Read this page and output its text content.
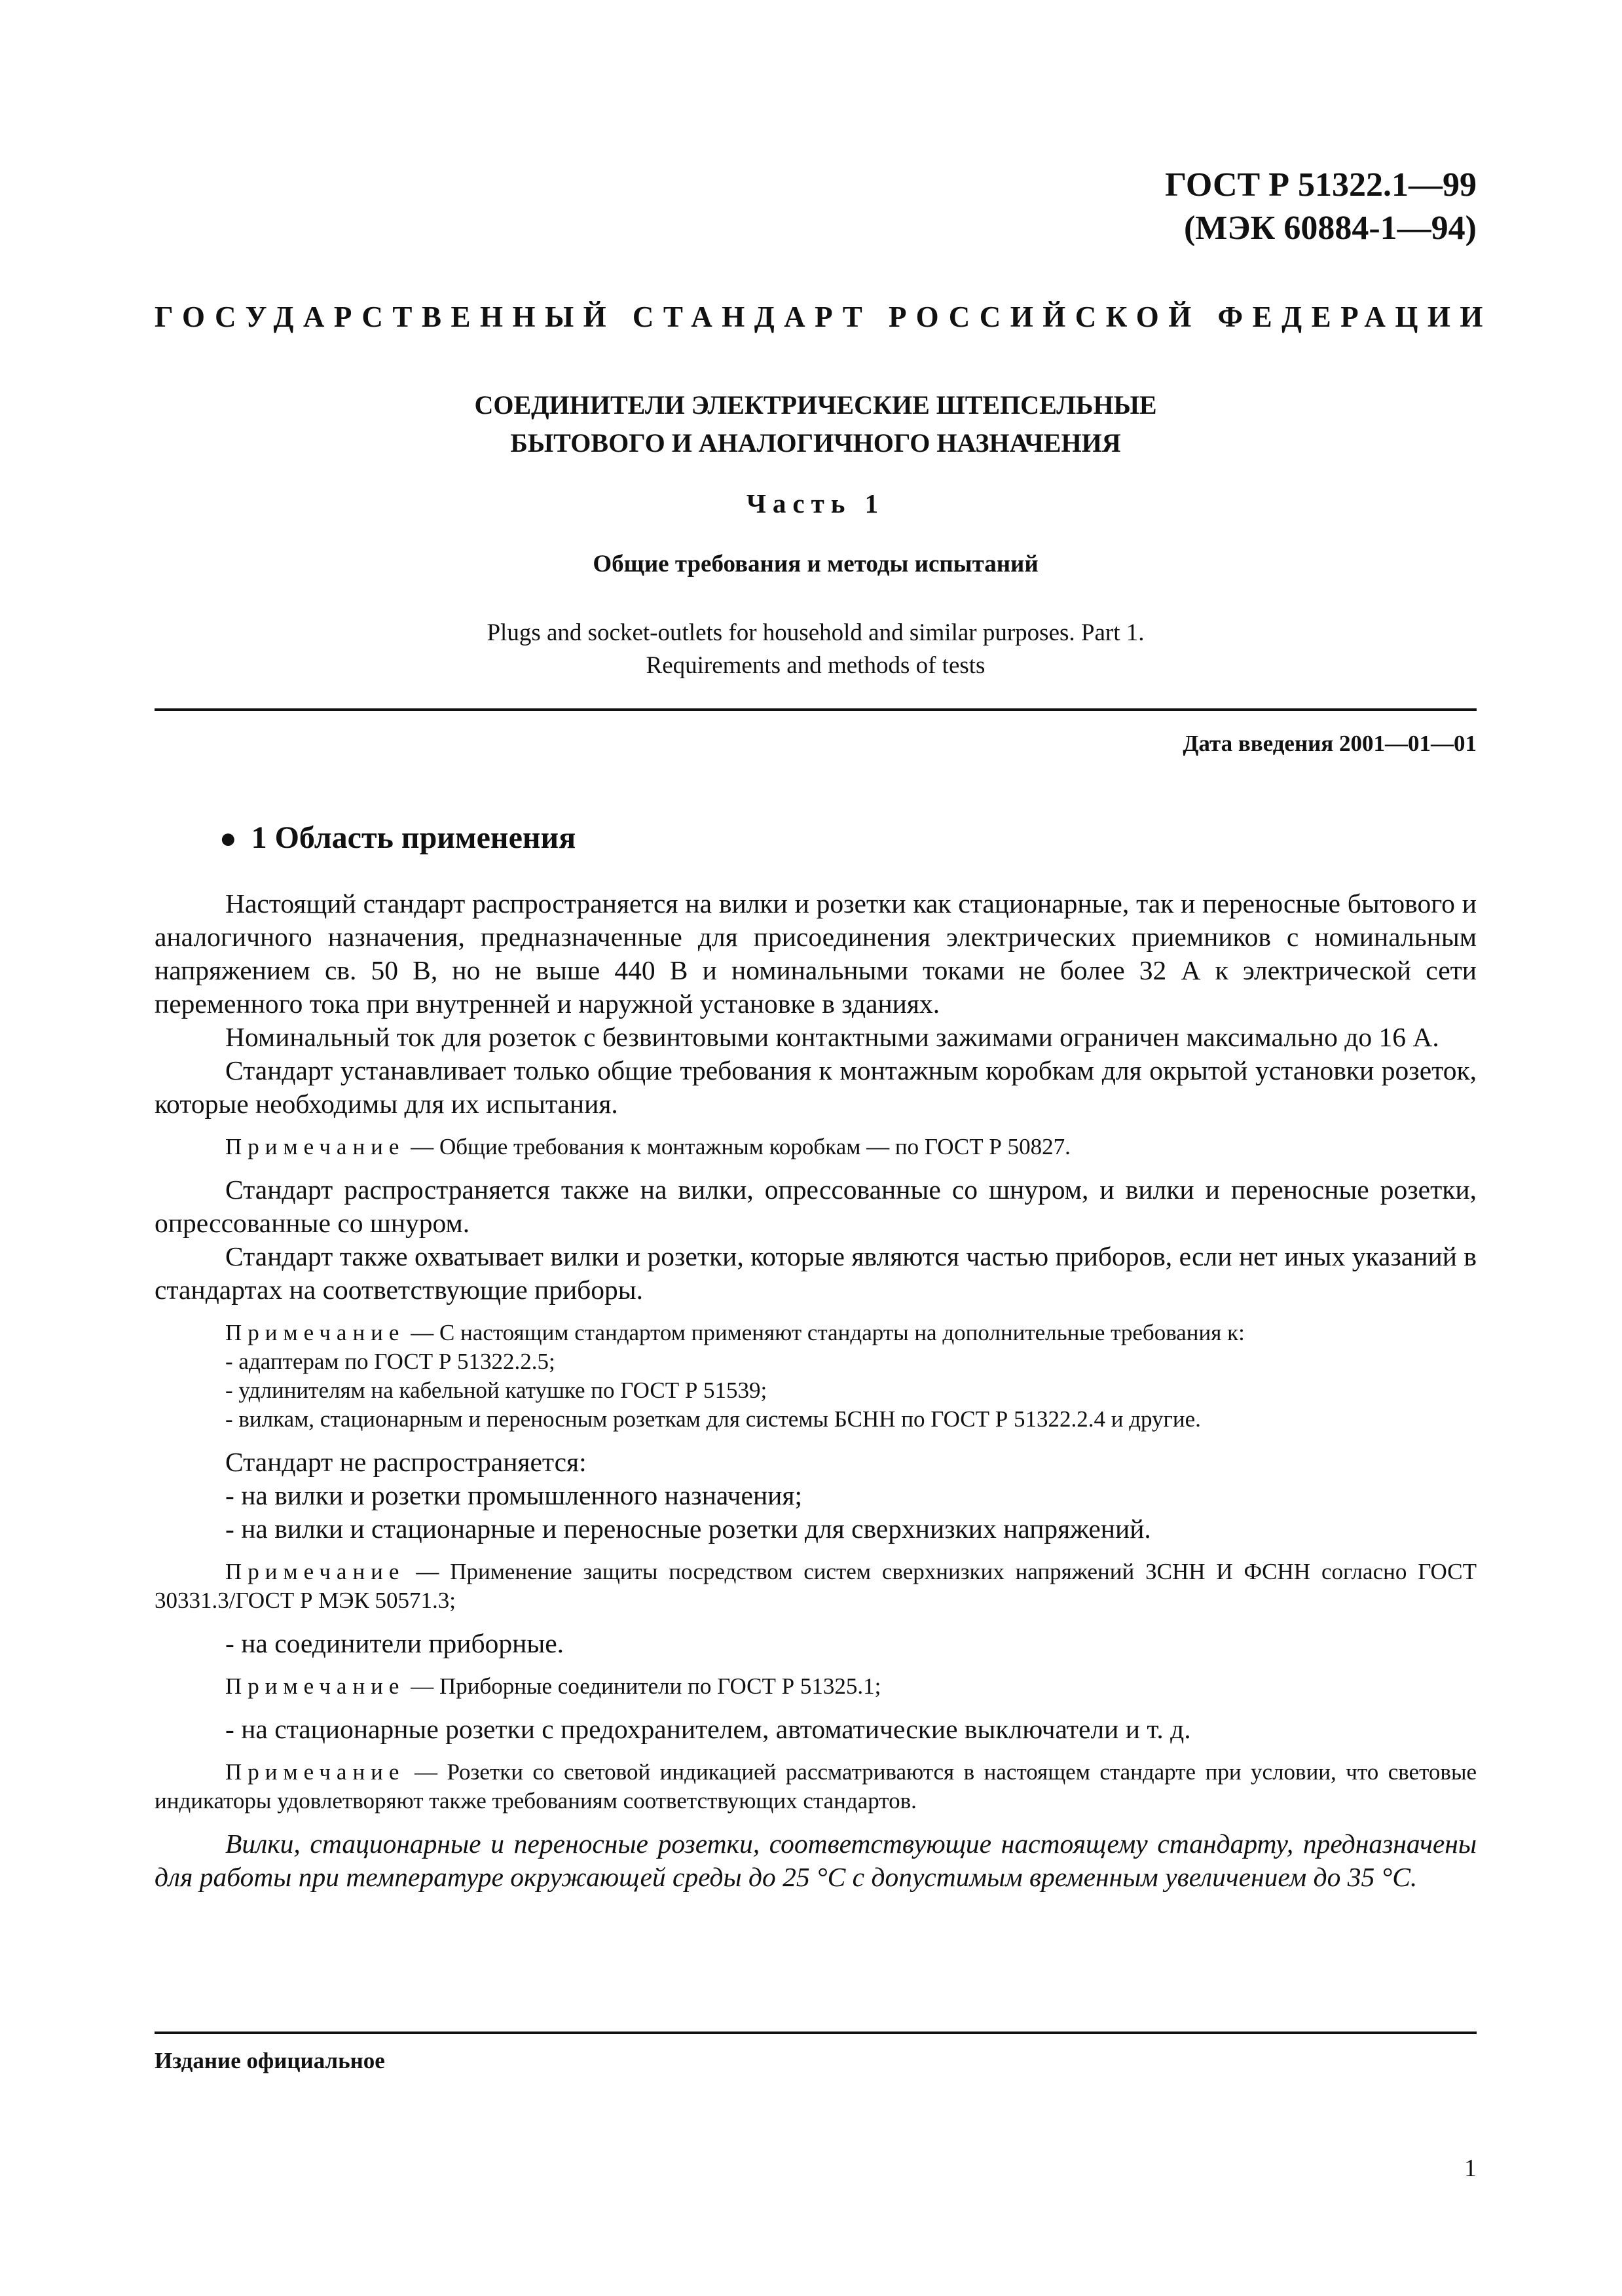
ГОСТ Р 51322.1—99
(МЭК 60884-1—94)
ГОСУДАРСТВЕННЫЙ СТАНДАРТ РОССИЙСКОЙ ФЕДЕРАЦИИ
СОЕДИНИТЕЛИ ЭЛЕКТРИЧЕСКИЕ ШТЕПСЕЛЬНЫЕ
БЫТОВОГО И АНАЛОГИЧНОГО НАЗНАЧЕНИЯ
Часть 1
Общие требования и методы испытаний
Plugs and socket-outlets for household and similar purposes. Part 1.
Requirements and methods of tests
Дата введения 2001—01—01
● 1 Область применения

Настоящий стандарт распространяется на вилки и розетки как стационарные, так и переносные бытового и аналогичного назначения, предназначенные для присоединения электрических приемников с номинальным напряжением св. 50 В, но не выше 440 В и номинальными токами не более 32 А к электрической сети переменного тока при внутренней и наружной установке в зданиях.

Номинальный ток для розеток с безвинтовыми контактными зажимами ограничен максимально до 16 А.

Стандарт устанавливает только общие требования к монтажным коробкам для окрытой установки розеток, которые необходимы для их испытания.

Примечание — Общие требования к монтажным коробкам — по ГОСТ Р 50827.

Стандарт распространяется также на вилки, опрессованные со шнуром, и вилки и переносные розетки, опрессованные со шнуром.

Стандарт также охватывает вилки и розетки, которые являются частью приборов, если нет иных указаний в стандартах на соответствующие приборы.

Примечание — С настоящим стандартом применяют стандарты на дополнительные требования к:

- адаптерам по ГОСТ Р 51322.2.5;

- удлинителям на кабельной катушке по ГОСТ Р 51539;

- вилкам, стационарным и переносным розеткам для системы БСНН по ГОСТ Р 51322.2.4 и другие.

Стандарт не распространяется:

- на вилки и розетки промышленного назначения;

- на вилки и стационарные и переносные розетки для сверхнизких напряжений.

Примечание — Применение защиты посредством систем сверхнизких напряжений ЗСНН И ФСНН согласно ГОСТ 30331.3/ГОСТ Р МЭК 50571.3;

- на соединители приборные.

Примечание — Приборные соединители по ГОСТ Р 51325.1;

- на стационарные розетки с предохранителем, автоматические выключатели и т. д.

Примечание — Розетки со световой индикацией рассматриваются в настоящем стандарте при условии, что световые индикаторы удовлетворяют также требованиям соответствующих стандартов.

Вилки, стационарные и переносные розетки, соответствующие настоящему стандарту, предназначены для работы при температуре окружающей среды до 25 °С с допустимым временным увеличением до 35 °С.

Издание официальное
1
